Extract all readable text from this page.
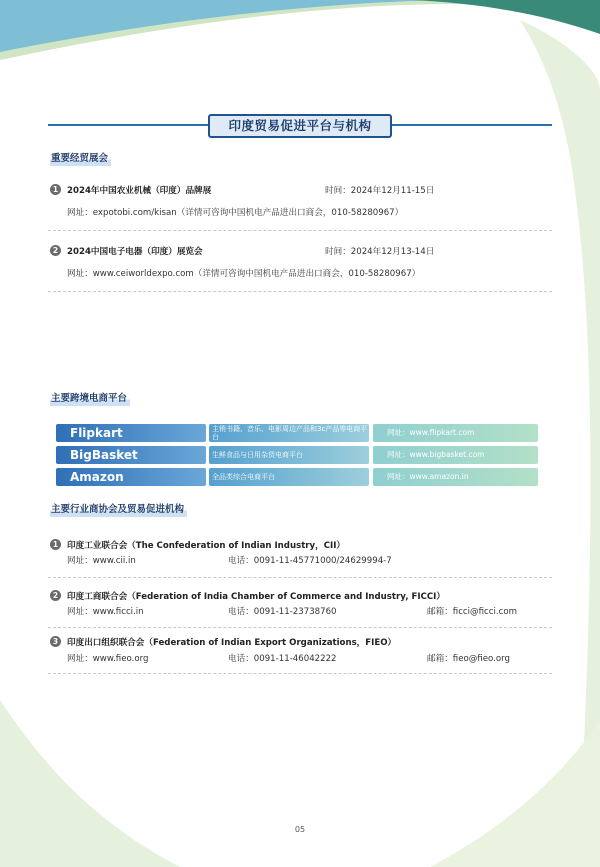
印度贸易促进平台与机构
重要经贸展会
1	2024年中国农业机械（印度）品牌展	时间：2024年12月11-15日
网址：expotobi.com/kisan（详情可咨询中国机电产品进出口商会，010-58280967）
2	2024中国电子电器（印度）展览会	时间：2024年12月13-14日
网址：www.ceiworldexpo.com（详情可咨询中国机电产品进出口商会，010-58280967）
主要跨境电商平台
Flipkart	主销书籍、音乐、电影周边产品和3c产品等电商平台	网址：www.flipkart.com
BigBasket	生鲜食品与日用杂货电商平台	网址：www.bigbasket.com
Amazon	全品类综合电商平台	网址：www.amazon.in
主要行业商协会及贸易促进机构
1	印度工业联合会（The Confederation of Indian Industry，CII）
网址：www.cii.in	电话：0091-11-45771000/24629994-7
2	印度工商联合会（Federation of India Chamber of Commerce and Industry, FICCI）
网址：www.ficci.in	电话：0091-11-23738760	邮箱：ficci@ficci.com
3	印度出口组织联合会（Federation of Indian Export Organizations，FIEO）
网址：www.fieo.org	电话：0091-11-46042222	邮箱：fieo@fieo.org
05
